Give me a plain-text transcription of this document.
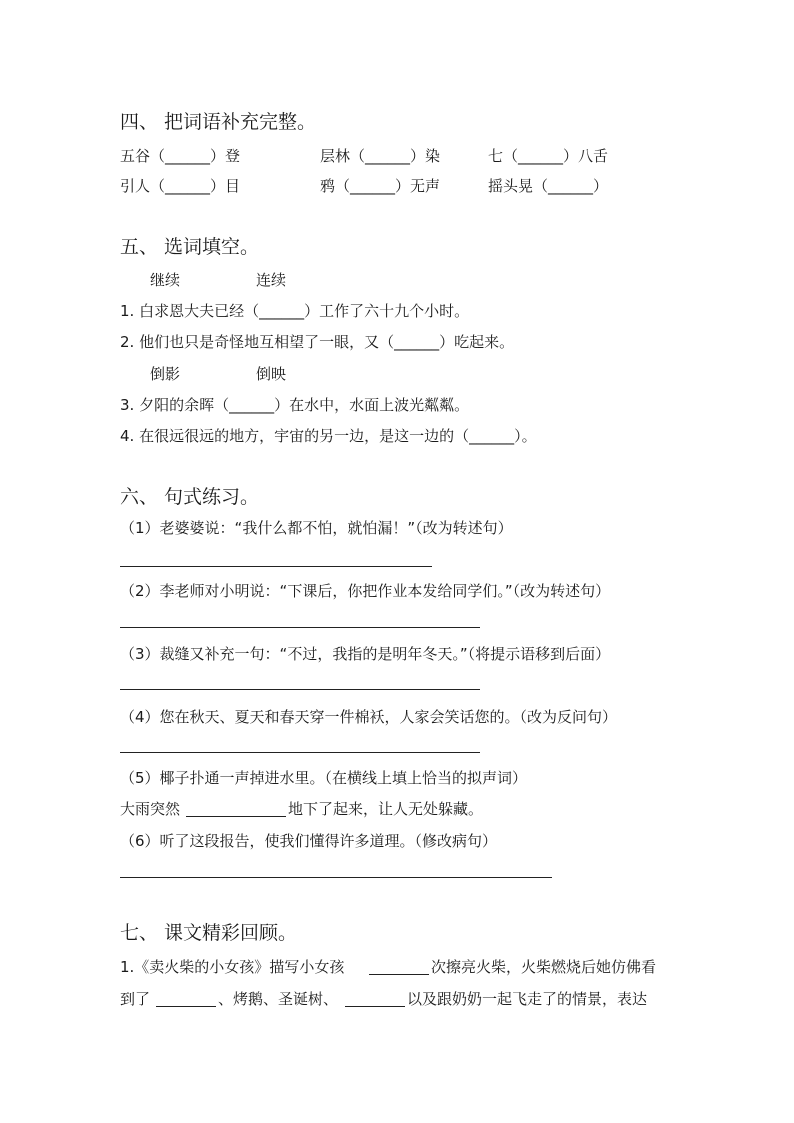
四、 把词语补充完整。
五谷（______）登	层林（______）染	七（______）八舌
引人（______）目	鸦（______）无声	摇头晃（______）
五、 选词填空。
继续	连续
1. 白求恩大夫已经（______）工作了六十九个小时。
2. 他们也只是奇怪地互相望了一眼，又（______）吃起来。
倒影	倒映
3. 夕阳的余晖（______）在水中，水面上波光粼粼。
4. 在很远很远的地方，宇宙的另一边，是这一边的（______）。
六、 句式练习。
（1）老婆婆说：“我什么都不怕，就怕漏！”（改为转述句）
（2）李老师对小明说：“下课后，你把作业本发给同学们。”（改为转述句）
（3）裁缝又补充一句：“不过，我指的是明年冬天。”（将提示语移到后面）
（4）您在秋天、夏天和春天穿一件棉袄，人家会笑话您的。（改为反问句）
（5）椰子扑通一声掉进水里。（在横线上填上恰当的拟声词）
大雨突然	地下了起来，让人无处躲藏。
（6）听了这段报告，使我们懂得许多道理。（修改病句）
七、 课文精彩回顾。
1.《卖火柴的小女孩》描写小女孩	次擦亮火柴，火柴燃烧后她仿佛看
到了	、烤鹅、圣诞树、	以及跟奶奶一起飞走了的情景，表达
